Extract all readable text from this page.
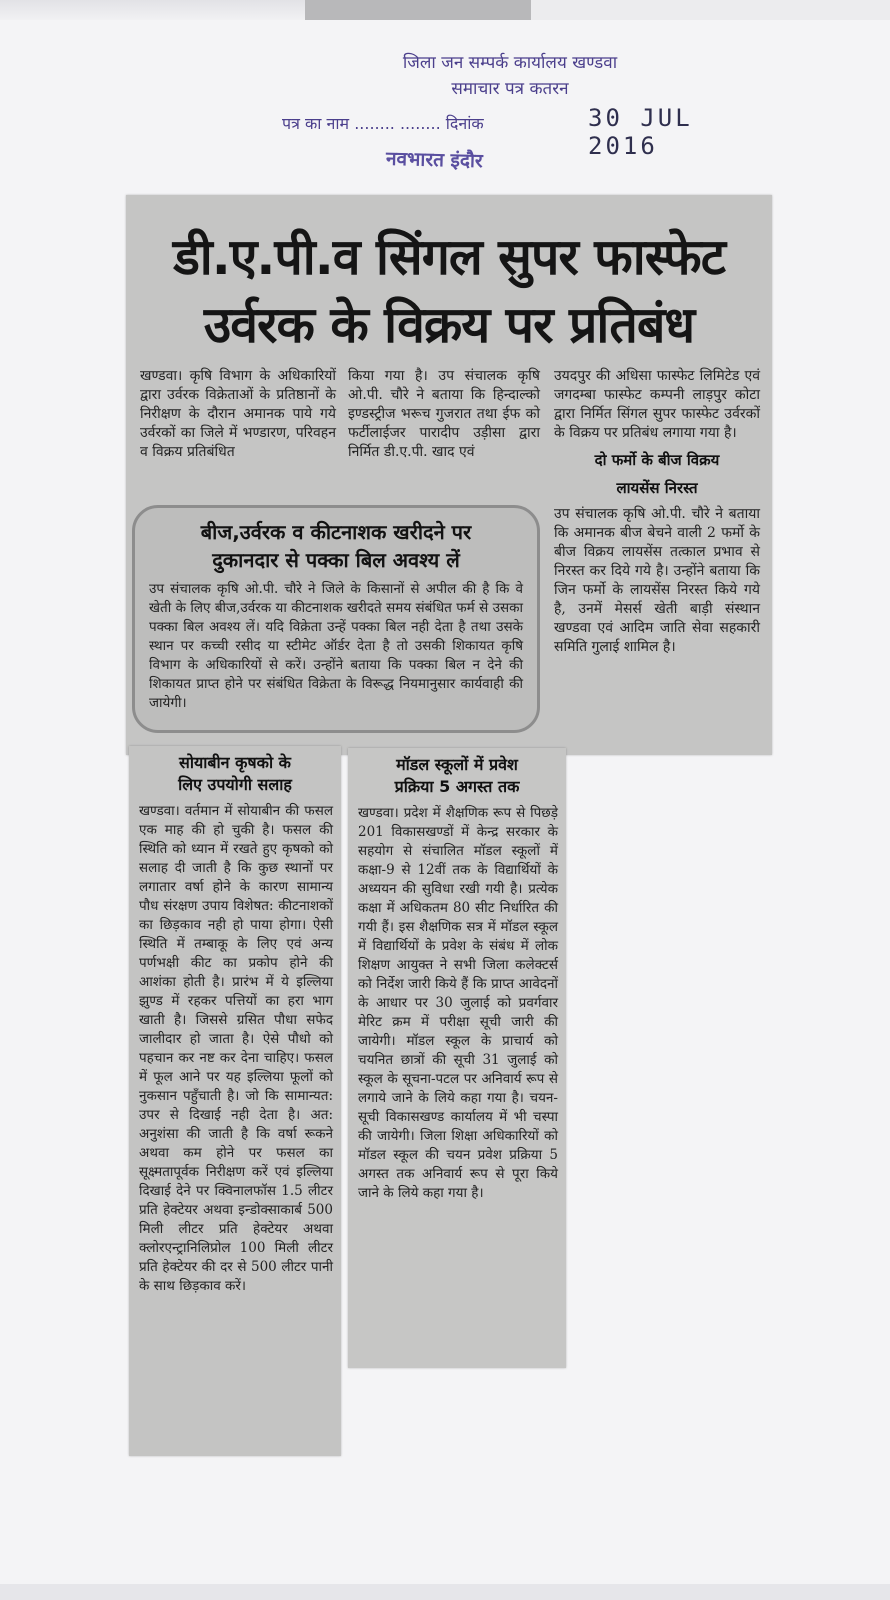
जिला जन सम्पर्क कार्यालय खण्डवा
समाचार पत्र कतरन
पत्र का नाम ........ ........ दिनांक	30 JUL 2016
नवभारत इंदौर
डी.ए.पी.व सिंगल सुपर फास्फेट
उर्वरक के विक्रय पर प्रतिबंध
खण्डवा। कृषि विभाग के अधिकारियों द्वारा उर्वरक विक्रेताओं के प्रतिष्ठानों के निरीक्षण के दौरान अमानक पाये गये उर्वरकों का जिले में भण्डारण, परिवहन व विक्रय प्रतिबंधित
किया गया है। उप संचालक कृषि ओ.पी. चौरे ने बताया कि हिन्दाल्को इण्डस्ट्रीज भरूच गुजरात तथा ईफ को फर्टीलाईजर पारादीप उड़ीसा द्वारा निर्मित डी.ए.पी. खाद एवं
उयदपुर की अधिसा फास्फेट लिमिटेड एवं जगदम्बा फास्फेट कम्पनी लाड़पुर कोटा द्वारा निर्मित सिंगल सुपर फास्फेट उर्वरकों के विक्रय पर प्रतिबंध लगाया गया है।
दो फर्मो के बीज विक्रय
लायसेंस निरस्त
उप संचालक कृषि ओ.पी. चौरे ने बताया कि अमानक बीज बेचने वाली 2 फर्मो के बीज विक्रय लायसेंस तत्काल प्रभाव से निरस्त कर दिये गये है। उन्होंने बताया कि जिन फर्मो के लायसेंस निरस्त किये गये है, उनमें मेसर्स खेती बाड़ी संस्थान खण्डवा एवं आदिम जाति सेवा सहकारी समिति गुलाई शामिल है।
बीज,उर्वरक व कीटनाशक खरीदने पर
दुकानदार से पक्का बिल अवश्य लें
उप संचालक कृषि ओ.पी. चौरे ने जिले के किसानों से अपील की है कि वे खेती के लिए बीज,उर्वरक या कीटनाशक खरीदते समय संबंधित फर्म से उसका पक्का बिल अवश्य लें। यदि विक्रेता उन्हें पक्का बिल नही देता है तथा उसके स्थान पर कच्ची रसीद या स्टीमेट ऑर्डर देता है तो उसकी शिकायत कृषि विभाग के अधिकारियों से करें। उन्होंने बताया कि पक्का बिल न देने की शिकायत प्राप्त होने पर संबंधित विक्रेता के विरूद्ध नियमानुसार कार्यवाही की जायेगी।
सोयाबीन कृषको के
लिए उपयोगी सलाह
खण्डवा। वर्तमान में सोयाबीन की फसल एक माह की हो चुकी है। फसल की स्थिति को ध्यान में रखते हुए कृषको को सलाह दी जाती है कि कुछ स्थानों पर लगातार वर्षा होने के कारण सामान्य पौध संरक्षण उपाय विशेषत: कीटनाशकों का छिड़काव नही हो पाया होगा। ऐसी स्थिति में तम्बाकू के लिए एवं अन्य पर्णभक्षी कीट का प्रकोप होने की आशंका होती है। प्रारंभ में ये इल्लिया झुण्ड में रहकर पत्तियों का हरा भाग खाती है। जिससे ग्रसित पौधा सफेद जालीदार हो जाता है। ऐसे पौधो को पहचान कर नष्ट कर देना चाहिए। फसल में फूल आने पर यह इल्लिया फूलों को नुकसान पहुँचाती है। जो कि सामान्यत: उपर से दिखाई नही देता है। अत: अनुशंसा की जाती है कि वर्षा रूकने अथवा कम होने पर फसल का सूक्ष्मतापूर्वक निरीक्षण करें एवं इल्लिया दिखाई देने पर क्विनालफॉस 1.5 लीटर प्रति हेक्टेयर अथवा इन्डोक्साकार्ब 500 मिली लीटर प्रति हेक्टेयर अथवा क्लोरएन्ट्रानिलिप्रोल 100 मिली लीटर प्रति हेक्टेयर की दर से 500 लीटर पानी के साथ छिड़काव करें।
मॉडल स्कूलों में प्रवेश
प्रक्रिया 5 अगस्त तक
खण्डवा। प्रदेश में शैक्षणिक रूप से पिछड़े 201 विकासखण्डों में केन्द्र सरकार के सहयोग से संचालित मॉडल स्कूलों में कक्षा-9 से 12वीं तक के विद्यार्थियों के अध्ययन की सुविधा रखी गयी है। प्रत्येक कक्षा में अधिकतम 80 सीट निर्धारित की गयी हैं। इस शैक्षणिक सत्र में मॉडल स्कूल में विद्यार्थियों के प्रवेश के संबंध में लोक शिक्षण आयुक्त ने सभी जिला कलेक्टर्स को निर्देश जारी किये हैं कि प्राप्त आवेदनों के आधार पर 30 जुलाई को प्रवर्गवार मेरिट क्रम में परीक्षा सूची जारी की जायेगी। मॉडल स्कूल के प्राचार्य को चयनित छात्रों की सूची 31 जुलाई को स्कूल के सूचना-पटल पर अनिवार्य रूप से लगाये जाने के लिये कहा गया है। चयन-सूची विकासखण्ड कार्यालय में भी चस्पा की जायेगी। जिला शिक्षा अधिकारियों को मॉडल स्कूल की चयन प्रवेश प्रक्रिया 5 अगस्त तक अनिवार्य रूप से पूरा किये जाने के लिये कहा गया है।
